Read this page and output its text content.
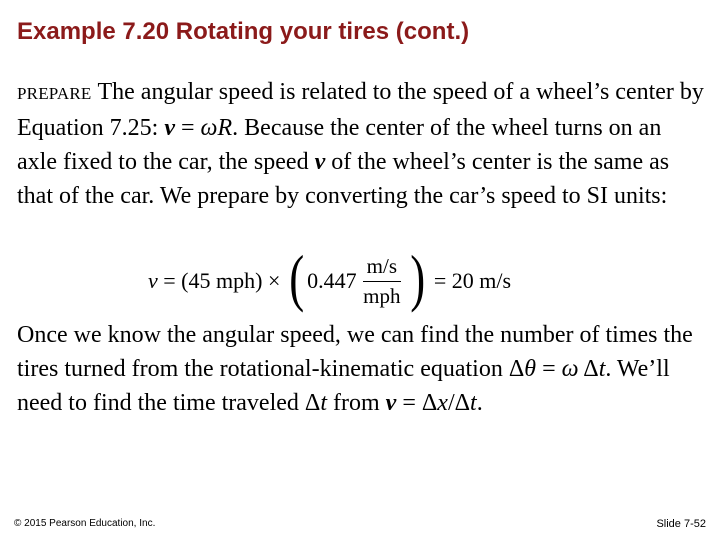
Example 7.20 Rotating your tires (cont.)

PREPARE The angular speed is related to the speed of a wheel’s center by Equation 7.25: v = ωR. Because the center of the wheel turns on an axle fixed to the car, the speed v of the wheel’s center is the same as that of the car. We prepare by converting the car’s speed to SI units:

v = (45 mph) × ( $0.447 \frac{m/s}{\text{mph}}$ ) = 20 m/s

Once we know the angular speed, we can find the number of times the tires turned from the rotational-kinematic equation Δθ = ω Δt. We’ll need to find the time traveled Δt from v = Δx/Δt.

© 2015 Pearson Education, Inc.	Slide 7-52
